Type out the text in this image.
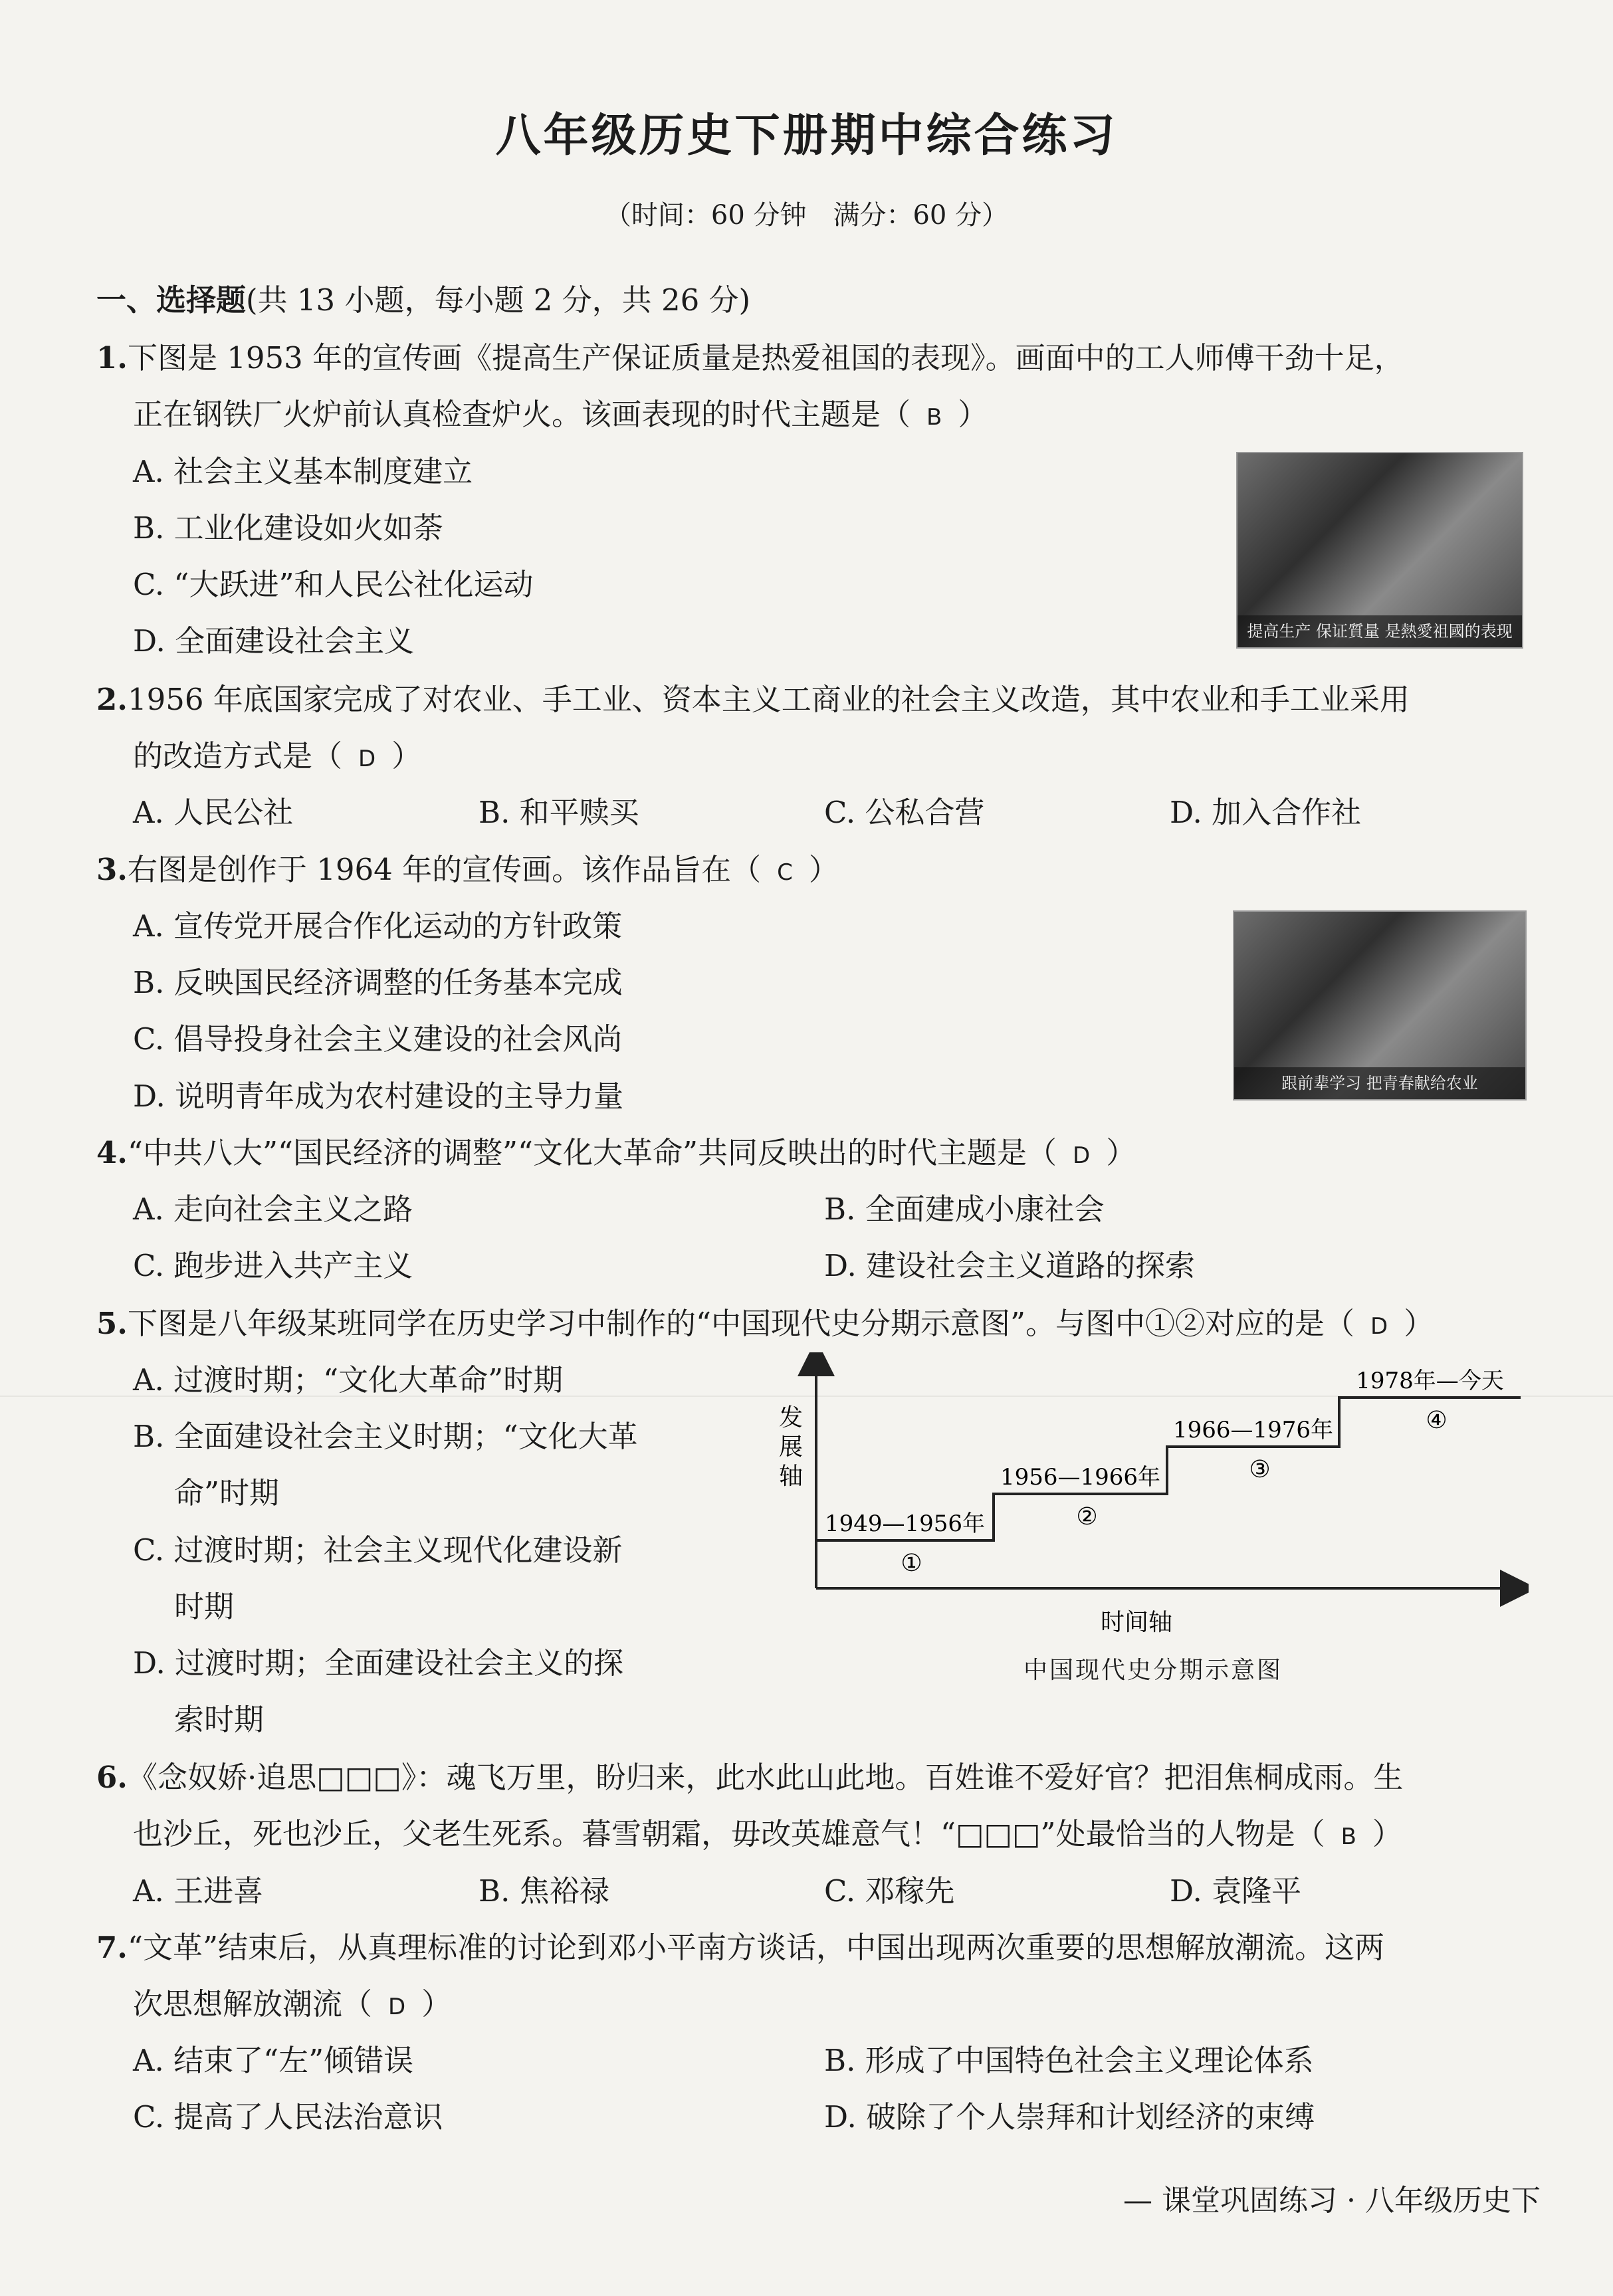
八年级历史下册期中综合练习
（时间：60 分钟　满分：60 分）
一、选择题(共 13 小题，每小题 2 分，共 26 分)
1.下图是 1953 年的宣传画《提高生产保证质量是热爱祖国的表现》。画面中的工人师傅干劲十足，
正在钢铁厂火炉前认真检查炉火。该画表现的时代主题是（ B ）
A. 社会主义基本制度建立
B. 工业化建设如火如荼
C. “大跃进”和人民公社化运动
D. 全面建设社会主义	提高生产 保证質量 是熱愛祖國的表现
2.1956 年底国家完成了对农业、手工业、资本主义工商业的社会主义改造，其中农业和手工业采用
的改造方式是（ D ）
A. 人民公社	B. 和平赎买	C. 公私合营	D. 加入合作社
3.右图是创作于 1964 年的宣传画。该作品旨在（ C ）
A. 宣传党开展合作化运动的方针政策
B. 反映国民经济调整的任务基本完成
C. 倡导投身社会主义建设的社会风尚
D. 说明青年成为农村建设的主导力量	跟前辈学习 把青春献给农业
4.“中共八大”“国民经济的调整”“文化大革命”共同反映出的时代主题是（ D ）
A. 走向社会主义之路	B. 全面建成小康社会
C. 跑步进入共产主义	D. 建设社会主义道路的探索
5.下图是八年级某班同学在历史学习中制作的“中国现代史分期示意图”。与图中①②对应的是（ D ）
A. 过渡时期；“文化大革命”时期
B. 全面建设社会主义时期；“文化大革
命”时期
C. 过渡时期；社会主义现代化建设新
时期
D. 过渡时期；全面建设社会主义的探
索时期
发
展
轴
时间轴
1949—1956年
①
1956—1966年
②
1966—1976年
③
1978年—今天
④
中国现代史分期示意图
6.《念奴娇·追思□□□》：魂飞万里，盼归来，此水此山此地。百姓谁不爱好官？把泪焦桐成雨。生
也沙丘，死也沙丘，父老生死系。暮雪朝霜，毋改英雄意气！“□□□”处最恰当的人物是（ B ）
A. 王进喜	B. 焦裕禄	C. 邓稼先	D. 袁隆平
7.“文革”结束后，从真理标准的讨论到邓小平南方谈话，中国出现两次重要的思想解放潮流。这两
次思想解放潮流（ D ）
A. 结束了“左”倾错误	B. 形成了中国特色社会主义理论体系
C. 提高了人民法治意识	D. 破除了个人崇拜和计划经济的束缚
— 课堂巩固练习 · 八年级历史下
